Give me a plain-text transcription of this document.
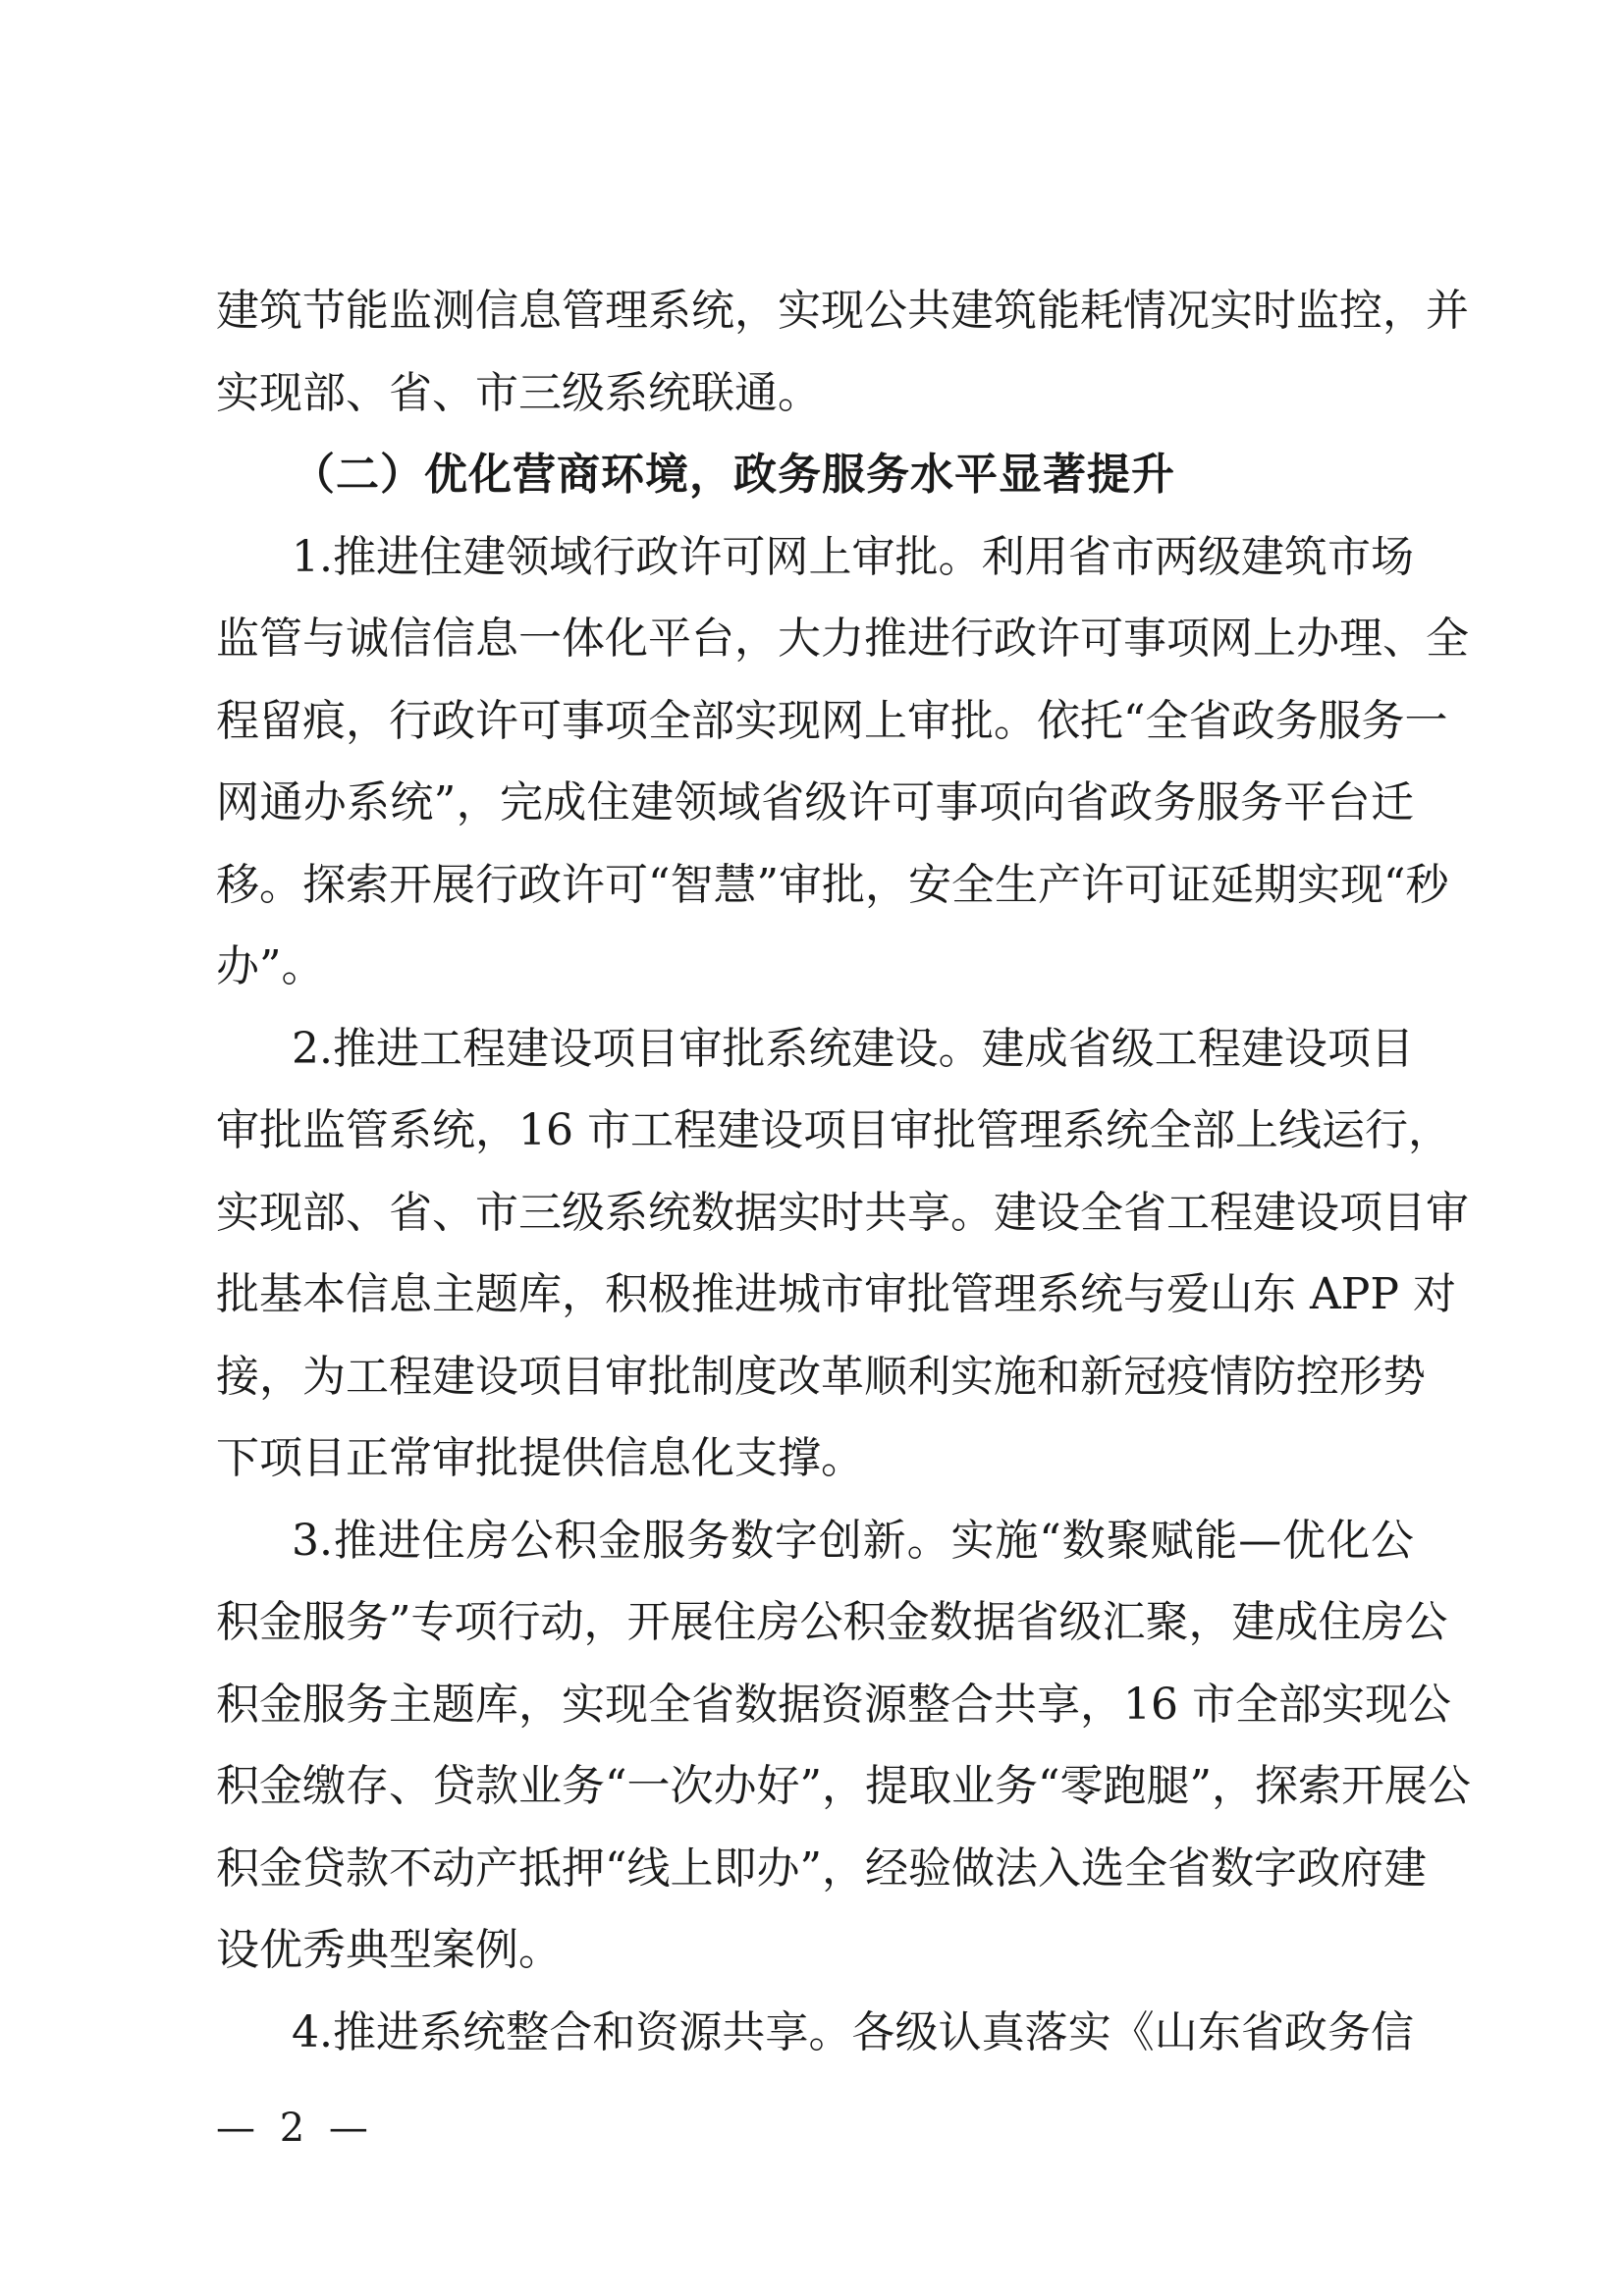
建筑节能监测信息管理系统，实现公共建筑能耗情况实时监控，并

实现部、省、市三级系统联通。

（二）优化营商环境，政务服务水平显著提升

1.推进住建领域行政许可网上审批。利用省市两级建筑市场

监管与诚信信息一体化平台，大力推进行政许可事项网上办理、全

程留痕，行政许可事项全部实现网上审批。依托“全省政务服务一

网通办系统”，完成住建领域省级许可事项向省政务服务平台迁

移。探索开展行政许可“智慧”审批，安全生产许可证延期实现“秒

办”。

2.推进工程建设项目审批系统建设。建成省级工程建设项目

审批监管系统，16 市工程建设项目审批管理系统全部上线运行，

实现部、省、市三级系统数据实时共享。建设全省工程建设项目审

批基本信息主题库，积极推进城市审批管理系统与爱山东 APP 对

接，为工程建设项目审批制度改革顺利实施和新冠疫情防控形势

下项目正常审批提供信息化支撑。

3.推进住房公积金服务数字创新。实施“数聚赋能—优化公

积金服务”专项行动，开展住房公积金数据省级汇聚，建成住房公

积金服务主题库，实现全省数据资源整合共享，16 市全部实现公

积金缴存、贷款业务“一次办好”，提取业务“零跑腿”，探索开展公

积金贷款不动产抵押“线上即办”，经验做法入选全省数字政府建

设优秀典型案例。

4.推进系统整合和资源共享。各级认真落实《山东省政务信

— 2 —
